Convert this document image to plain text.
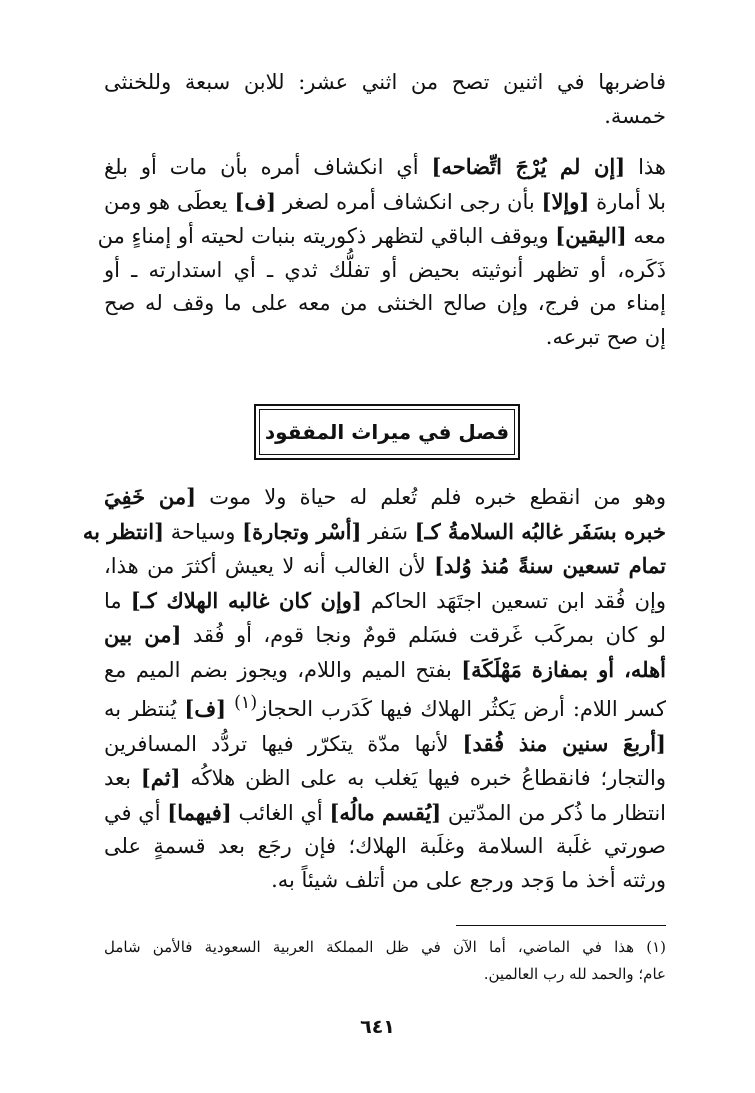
فاضربها في اثنين تصح من اثني عشر: للابن سبعة وللخنثى
خمسة.

هذا [إن لم يُرْجَ اتِّضاحه] أي انكشاف أمره بأن مات أو بلغ
بلا أمارة [وإلا] بأن رجى انكشاف أمره لصغر [ف] يعطَى هو ومن
معه [اليقين] ويوقف الباقي لتظهر ذكوريته بنبات لحيته أو إمناءٍ من
ذَكَره، أو تظهر أنوثيته بحيض أو تفلُّك ثدي ـ أي استدارته ـ أو
إمناء من فرج، وإن صالح الخنثى من معه على ما وقف له صح
إن صح تبرعه.

فصل في ميراث المفقود

وهو من انقطع خبره فلم تُعلم له حياة ولا موت [من خَفِيَ
خبره بسَفَر غالبُه السلامةُ كـ] سَفر [أسْر وتجارة] وسياحة [انتظر به
تمام تسعين سنةً مُنذ وُلد] لأن الغالب أنه لا يعيش أكثرَ من هذا،
وإن فُقد ابن تسعين اجتَهَد الحاكم [وإن كان غالبه الهلاك كـ] ما
لو كان بمركَب غَرقت فسَلم قومٌ ونجا قوم، أو فُقد [من بين
أهله، أو بمفازة مَهْلَكَة] بفتح الميم واللام، ويجوز بضم الميم مع
كسر اللام: أرض يَكثُر الهلاك فيها كَدَرب الحجاز$^{(١)}$ [ف] يُنتظر به
[أربعَ سنين منذ فُقد] لأنها مدّة يتكرّر فيها تردُّد المسافرين
والتجار؛ فانقطاعُ خبره فيها يَغلب به على الظن هلاكُه [ثم] بعد
انتظار ما ذُكر من المدّتين [يُقسم مالُه] أي الغائب [فيهما] أي في
صورتي غلَبة السلامة وغلَبة الهلاك؛ فإن رجَع بعد قسمةٍ على
ورثته أخذ ما وَجد ورجع على من أتلف شيئاً به.

(١) هذا في الماضي، أما الآن في ظل المملكة العربية السعودية فالأمن شامل
عام؛ والحمد لله رب العالمين.

٦٤١
